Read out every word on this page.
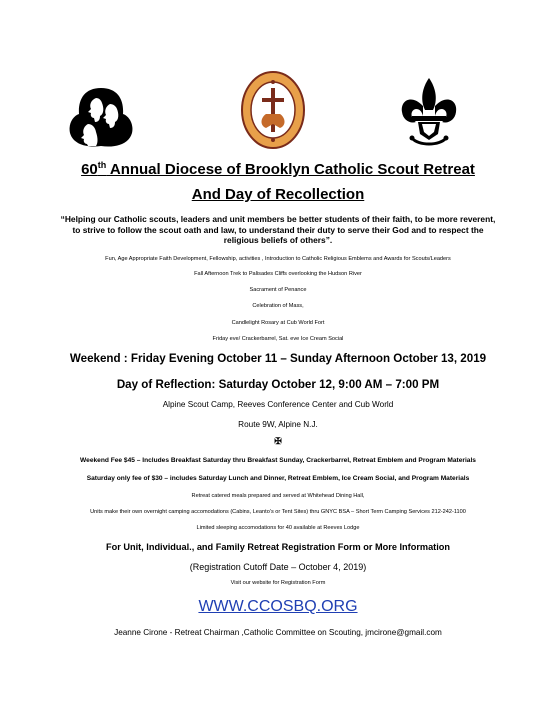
60th Annual Diocese of Brooklyn Catholic Scout Retreat
And Day of Recollection
“Helping our Catholic scouts, leaders and unit members be better students of their faith, to be more reverent, to strive to follow the scout oath and law, to understand their duty to serve their God and to respect the religious beliefs of others”.
Fun, Age Appropriate Faith Development, Fellowship, activities , Introduction to Catholic Religious Emblems and Awards for Scouts/Leaders
Fall Afternoon Trek to Palisades Cliffs overlooking the Hudson River
Sacrament of Penance
Celebration of Mass,
Candlelight Rosary at Cub World Fort
Friday eve/ Crackerbarrel, Sat. eve Ice Cream Social
Weekend : Friday Evening October 11 – Sunday Afternoon October 13, 2019
Day of Reflection: Saturday October 12, 9:00 AM – 7:00 PM
Alpine Scout Camp, Reeves Conference Center and Cub World
Route 9W, Alpine N.J.
✠
Weekend Fee $45 – Includes Breakfast Saturday thru Breakfast Sunday, Crackerbarrel, Retreat Emblem and Program Materials
Saturday only fee of $30 – includes Saturday Lunch and Dinner, Retreat Emblem, Ice Cream Social, and Program Materials
Retreat catered meals prepared and served at Whitehead Dining Hall,
Units make their own overnight camping accomodations (Cabins, Leanto’s or Tent Sites) thru GNYC BSA – Short Term Camping Services 212-242-1100
Limited sleeping accomodations for 40 available at Reeves Lodge
For Unit, Individual., and Family Retreat Registration Form or More Information
(Registration Cutoff Date – October 4, 2019)
Visit our website for Registration Form
WWW.CCOSBQ.ORG
Jeanne Cirone - Retreat Chairman ,Catholic Committee on Scouting, jmcirone@gmail.com
